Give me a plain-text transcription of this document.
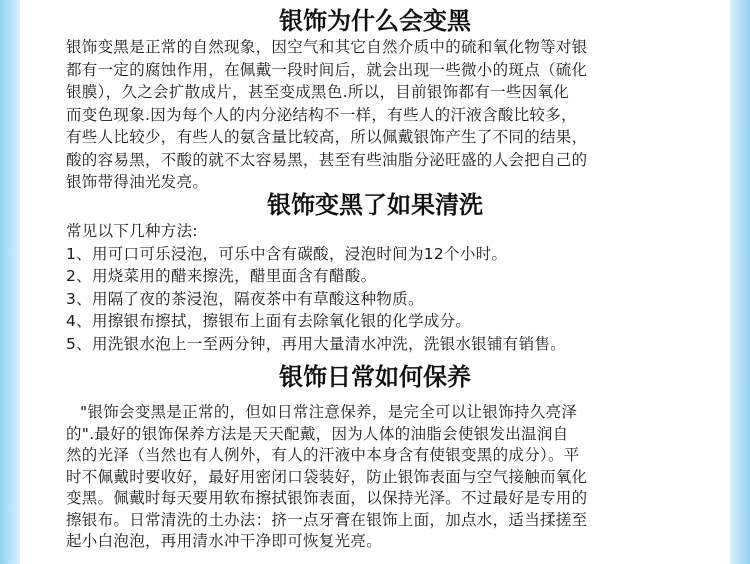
银饰为什么会变黑
银饰变黑是正常的自然现象，因空气和其它自然介质中的硫和氧化物等对银
都有一定的腐蚀作用，在佩戴一段时间后，就会出现一些微小的斑点（硫化
银膜），久之会扩散成片，甚至变成黑色.所以，目前银饰都有一些因氧化
而变色现象.因为每个人的内分泌结构不一样，有些人的汗液含酸比较多，
有些人比较少，有些人的氨含量比较高，所以佩戴银饰产生了不同的结果，
酸的容易黑，不酸的就不太容易黑，甚至有些油脂分泌旺盛的人会把自己的
银饰带得油光发亮。
银饰变黑了如果清洗
常见以下几种方法:
1、用可口可乐浸泡，可乐中含有碳酸，浸泡时间为12个小时。
2、用烧菜用的醋来擦洗，醋里面含有醋酸。
3、用隔了夜的茶浸泡，隔夜茶中有草酸这种物质。
4、用擦银布擦拭，擦银布上面有去除氧化银的化学成分。
5、用洗银水泡上一至两分钟，再用大量清水冲洗，洗银水银铺有销售。
银饰日常如何保养
"银饰会变黑是正常的，但如日常注意保养，是完全可以让银饰持久亮泽
的".最好的银饰保养方法是天天配戴，因为人体的油脂会使银发出温润自
然的光泽（当然也有人例外，有人的汗液中本身含有使银变黑的成分）。平
时不佩戴时要收好，最好用密闭口袋装好，防止银饰表面与空气接触而氧化
变黑。佩戴时每天要用软布擦拭银饰表面，以保持光泽。不过最好是专用的
擦银布。日常清洗的土办法：挤一点牙膏在银饰上面，加点水，适当揉搓至
起小白泡泡，再用清水冲干净即可恢复光亮。
